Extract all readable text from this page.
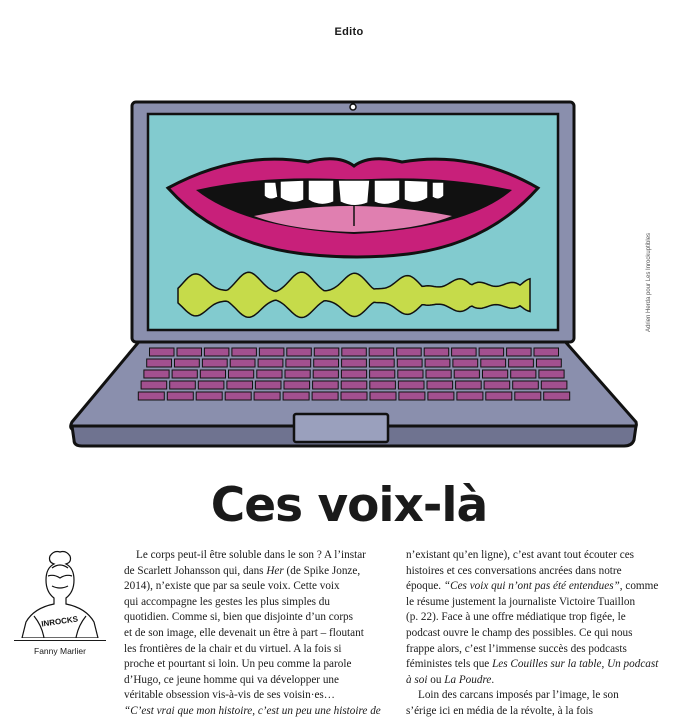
Edito
Adrien Herda pour Les Inrockuptibles
Ces voix-là
INROCKS
Fanny Marlier
Le corps peut-il être soluble dans le son ? A l’instar
de Scarlett Johansson qui, dans Her (de Spike Jonze,
2014), n’existe que par sa seule voix. Cette voix
qui accompagne les gestes les plus simples du
quotidien. Comme si, bien que disjointe d’un corps
et de son image, elle devenait un être à part – floutant
les frontières de la chair et du virtuel. A la fois si
proche et pourtant si loin. Un peu comme la parole
d’Hugo, ce jeune homme qui va développer une
véritable obsession vis-à-vis de ses voisin·es…
“C’est vrai que mon histoire, c’est un peu une histoire de
n’existant qu’en ligne), c’est avant tout écouter ces
histoires et ces conversations ancrées dans notre
époque. “Ces voix qui n’ont pas été entendues”, comme
le résume justement la journaliste Victoire Tuaillon
(p. 22). Face à une offre médiatique trop figée, le
podcast ouvre le champ des possibles. Ce qui nous
frappe alors, c’est l’immense succès des podcasts
féministes tels que Les Couilles sur la table, Un podcast
à soi ou La Poudre.
Loin des carcans imposés par l’image, le son
s’érige ici en média de la révolte, à la fois
